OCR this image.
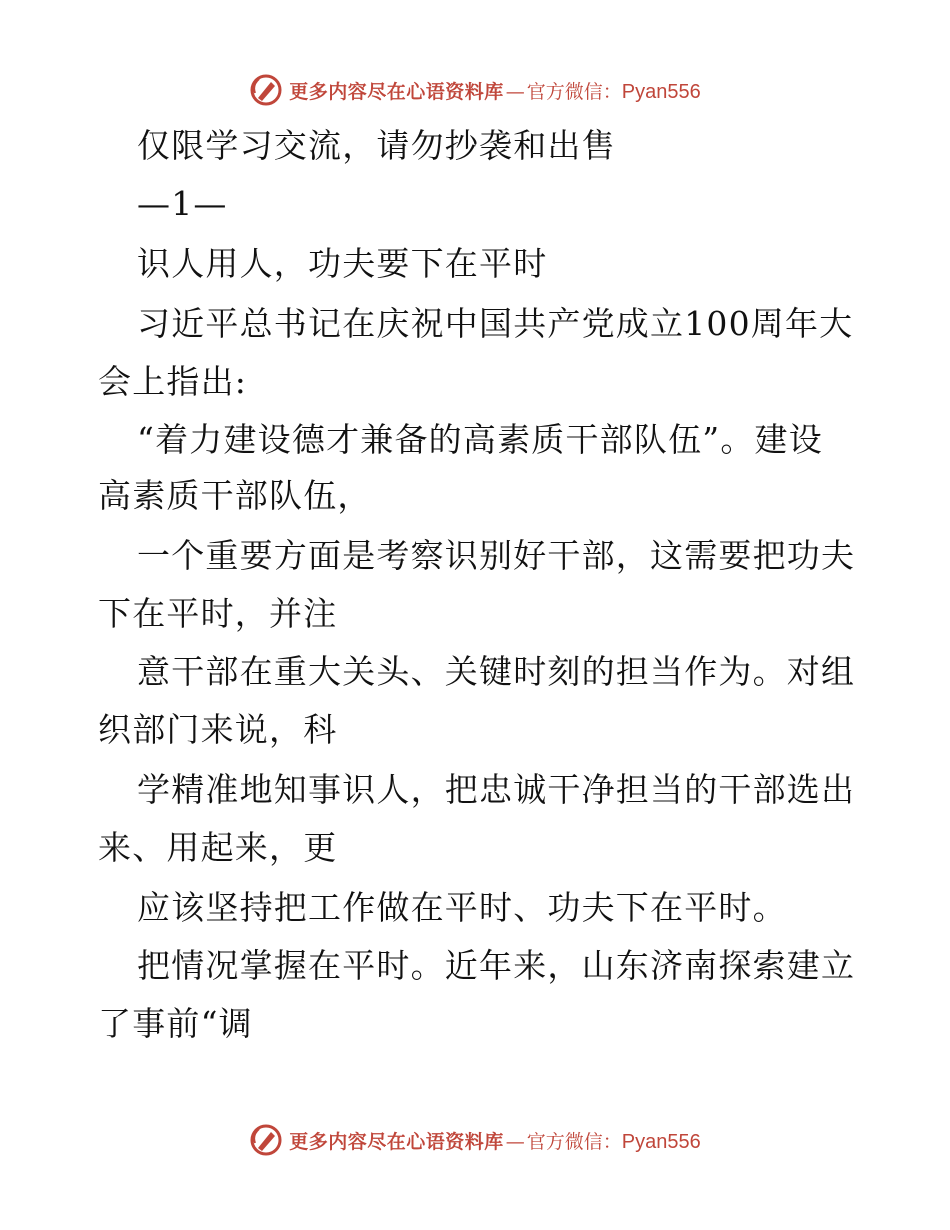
更多内容尽在心语资料库 — 官方微信： Pyan556
仅限学习交流，请勿抄袭和出售
—1—
识人用人，功夫要下在平时
习近平总书记在庆祝中国共产党成立100周年大
会上指出:
“着力建设德才兼备的高素质干部队伍”。建设
高素质干部队伍，
一个重要方面是考察识别好干部，这需要把功夫
下在平时，并注
意干部在重大关头、关键时刻的担当作为。对组
织部门来说，科
学精准地知事识人，把忠诚干净担当的干部选出
来、用起来，更
应该坚持把工作做在平时、功夫下在平时。
把情况掌握在平时。近年来，山东济南探索建立
了事前“调
更多内容尽在心语资料库 — 官方微信： Pyan556
